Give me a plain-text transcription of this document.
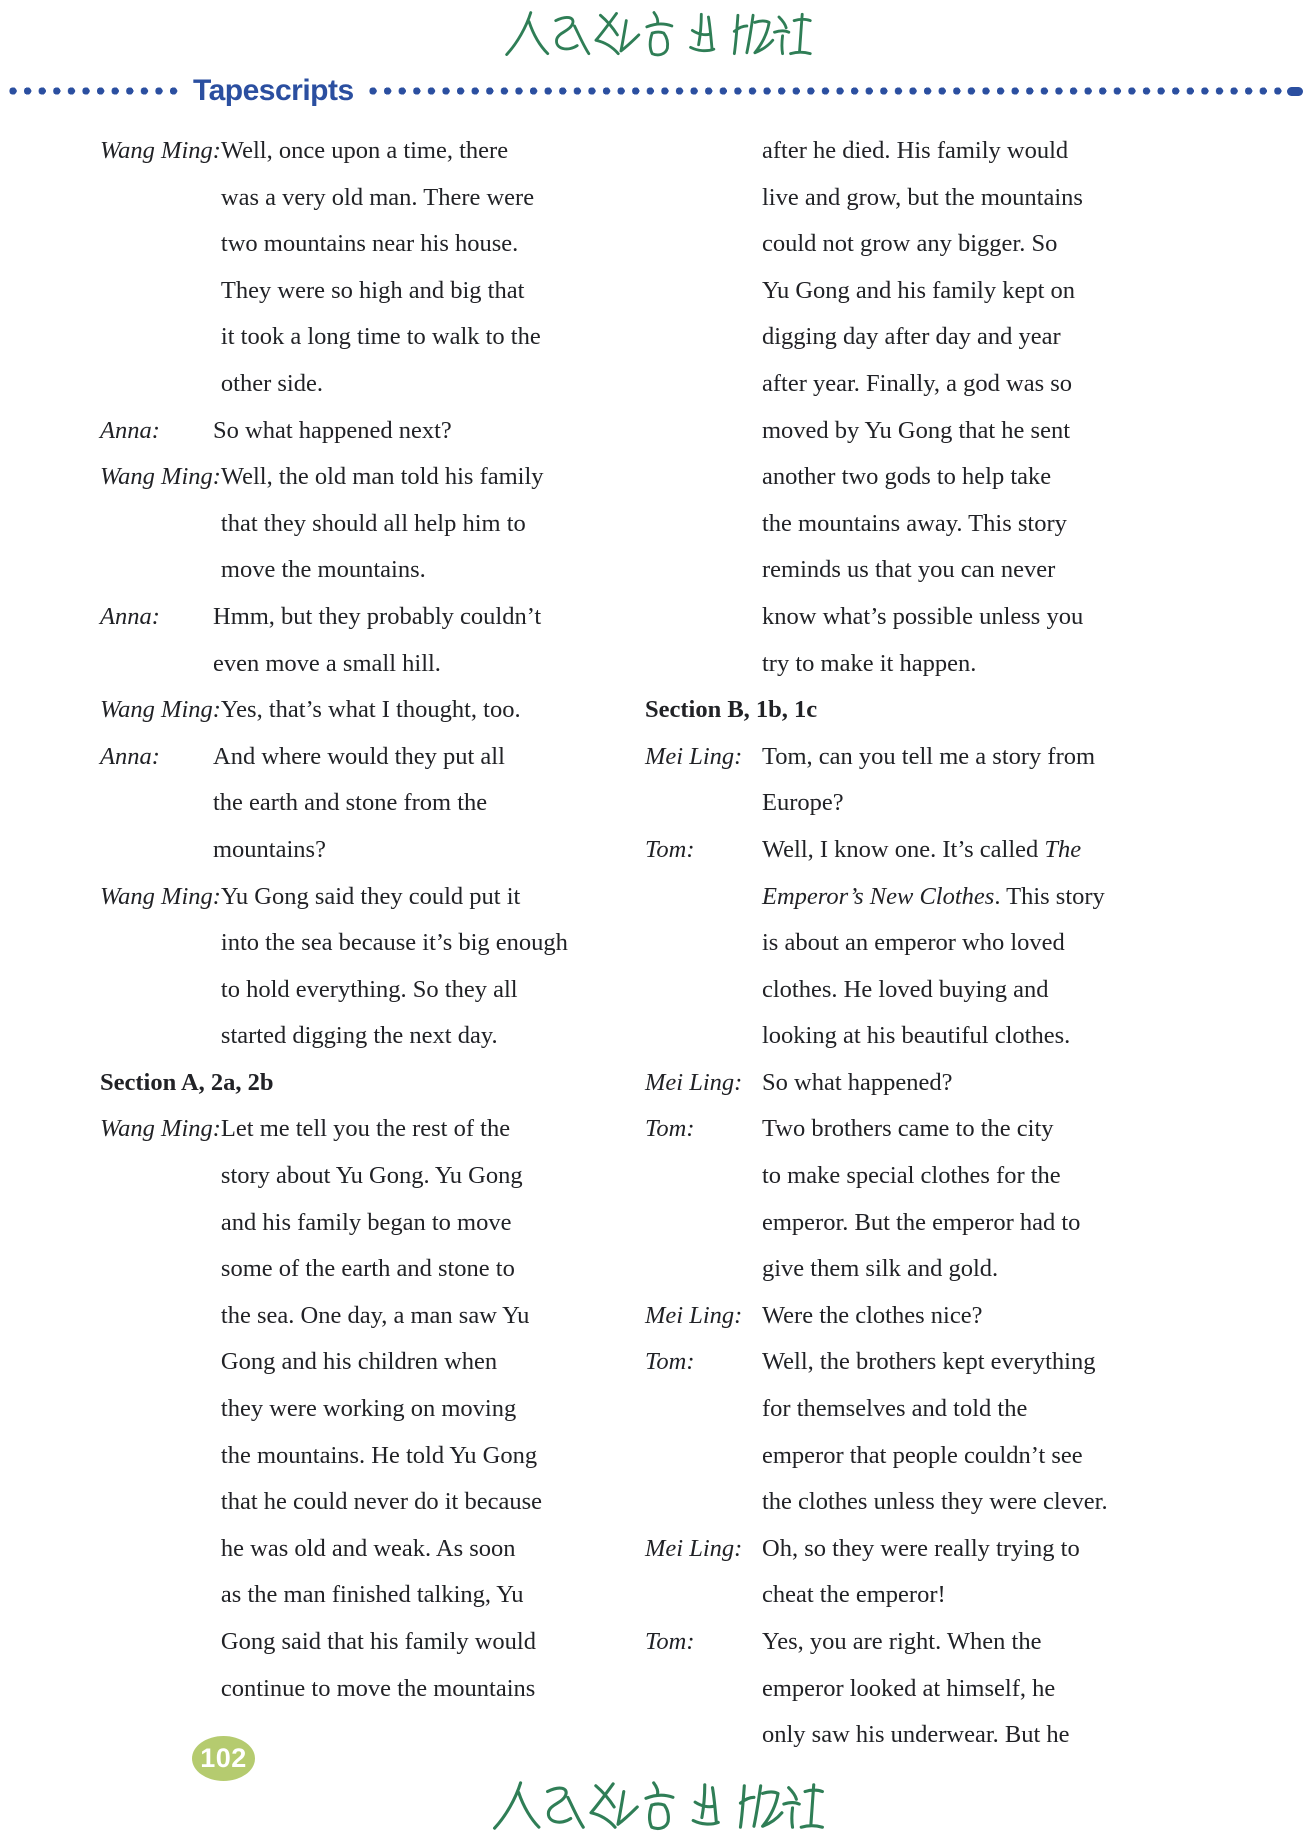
Tapescripts
Wang Ming: Well, once upon a time, there
was a very old man. There were
two mountains near his house.
They were so high and big that
it took a long time to walk to the
other side.
Anna:	So what happened next?
Wang Ming: Well, the old man told his family
that they should all help him to
move the mountains.
Anna:	Hmm, but they probably couldn’t
even move a small hill.
Wang Ming: Yes, that’s what I thought, too.
Anna:	And where would they put all
the earth and stone from the
mountains?
Wang Ming: Yu Gong said they could put it
into the sea because it’s big enough
to hold everything. So they all
started digging the next day.
Section A, 2a, 2b
Wang Ming: Let me tell you the rest of the
story about Yu Gong. Yu Gong
and his family began to move
some of the earth and stone to
the sea. One day, a man saw Yu
Gong and his children when
they were working on moving
the mountains. He told Yu Gong
that he could never do it because
he was old and weak. As soon
as the man finished talking, Yu
Gong said that his family would
continue to move the mountains
after he died. His family would
live and grow, but the mountains
could not grow any bigger. So
Yu Gong and his family kept on
digging day after day and year
after year. Finally, a god was so
moved by Yu Gong that he sent
another two gods to help take
the mountains away. This story
reminds us that you can never
know what’s possible unless you
try to make it happen.
Section B, 1b, 1c
Mei Ling: Tom, can you tell me a story from
Europe?
Tom:	Well, I know one. It’s called The
Emperor’s New Clothes. This story
is about an emperor who loved
clothes. He loved buying and
looking at his beautiful clothes.
Mei Ling: So what happened?
Tom:	Two brothers came to the city
to make special clothes for the
emperor. But the emperor had to
give them silk and gold.
Mei Ling: Were the clothes nice?
Tom:	Well, the brothers kept everything
for themselves and told the
emperor that people couldn’t see
the clothes unless they were clever.
Mei Ling: Oh, so they were really trying to
cheat the emperor!
Tom:	Yes, you are right. When the
emperor looked at himself, he
only saw his underwear. But he
102
